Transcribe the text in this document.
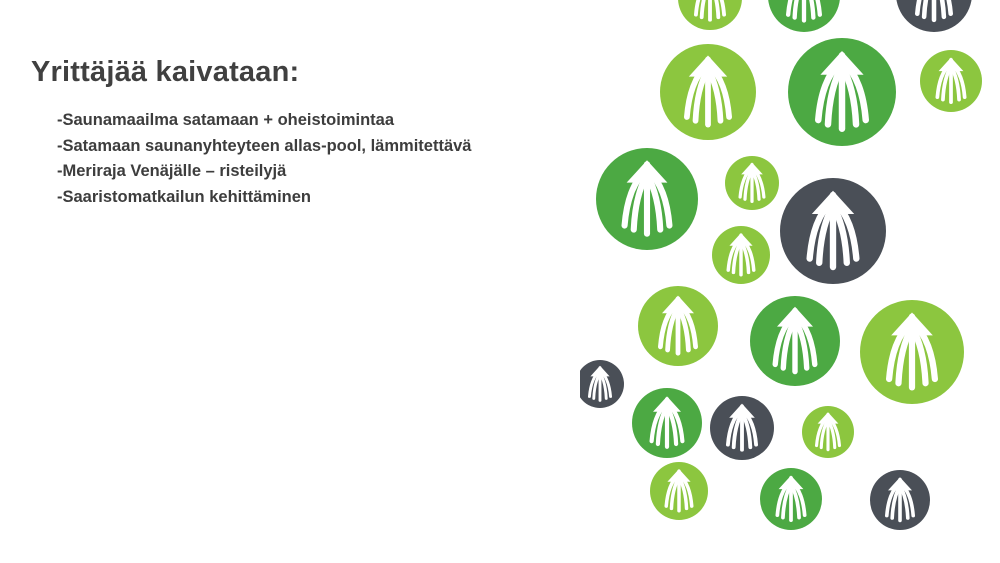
Yrittäjää kaivataan:
-Saunamaailma satamaan + oheistoimintaa
-Satamaan saunanyhteyteen allas-pool, lämmitettävä
-Meriraja Venäjälle – risteilyjä
-Saaristomatkailun kehittäminen
